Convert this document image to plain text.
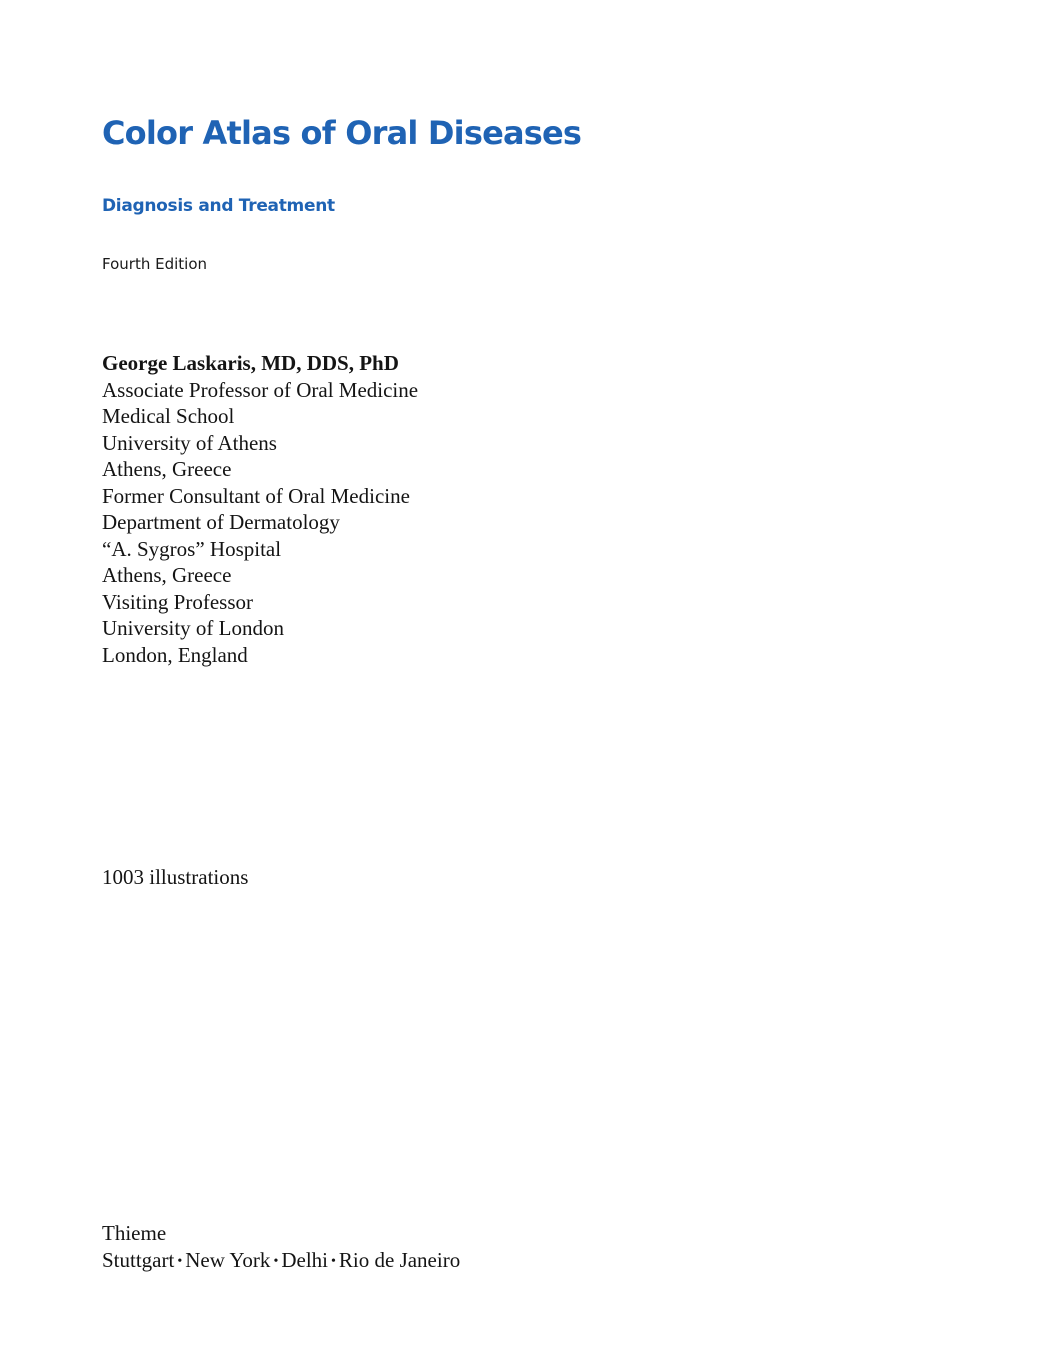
Color Atlas of Oral Diseases
Diagnosis and Treatment
Fourth Edition
George Laskaris, MD, DDS, PhD
Associate Professor of Oral Medicine
Medical School
University of Athens
Athens, Greece
Former Consultant of Oral Medicine
Department of Dermatology
“A. Sygros” Hospital
Athens, Greece
Visiting Professor
University of London
London, England
1003 illustrations
Thieme
Stuttgart • New York • Delhi • Rio de Janeiro
